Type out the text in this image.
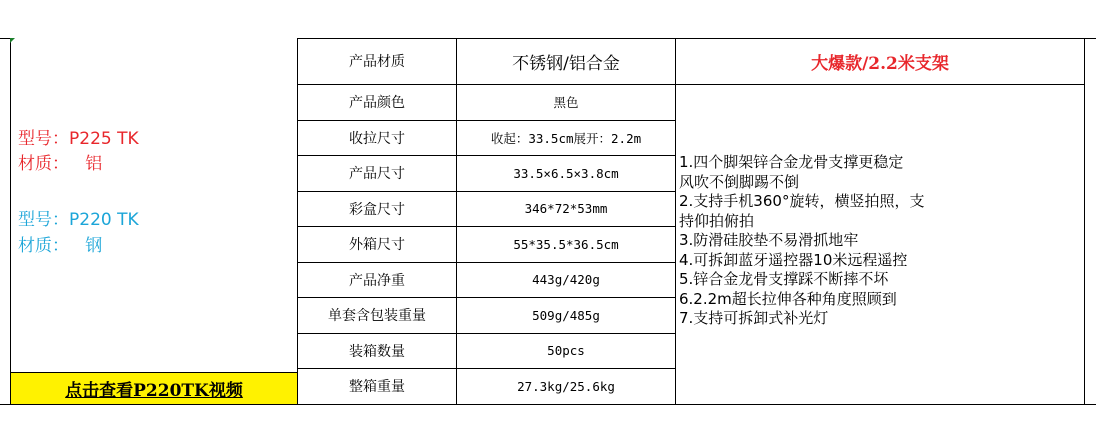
型号：P225 TK
材质：   铝
型号：P220 TK
材质：   钢
点击查看P220TK视频
产品材质	不锈钢/铝合金	大爆款/2.2米支架
产品颜色	黑色
收拉尺寸	收起：33.5cm展开：2.2m
产品尺寸	33.5×6.5×3.8cm
彩盒尺寸	346*72*53mm
外箱尺寸	55*35.5*36.5cm
产品净重	443g/420g
单套含包装重量	509g/485g
装箱数量	50pcs
整箱重量	27.3kg/25.6kg
1.四个脚架锌合金龙骨支撑更稳定
风吹不倒脚踢不倒
2.支持手机360°旋转，横竖拍照，支
持仰拍俯拍
3.防滑硅胶垫不易滑抓地牢
4.可拆卸蓝牙遥控器10米远程遥控
5.锌合金龙骨支撑踩不断摔不坏
6.2.2m超长拉伸各种角度照顾到
7.支持可拆卸式补光灯
